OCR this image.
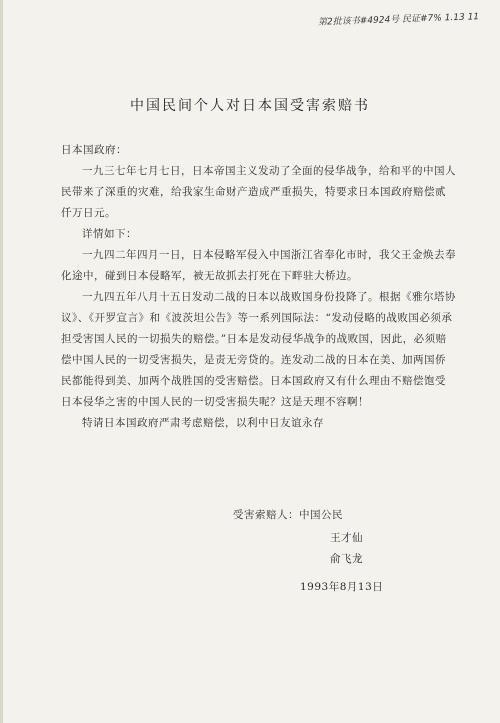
第2批该书#4924号 民证#7% 1.13 11
中国民间个人对日本国受害索赔书

日本国政府：

一九三七年七月七日，日本帝国主义发动了全面的侵华战争，给和平的中国人民带来了深重的灾难，给我家生命财产造成严重损失，特要求日本国政府赔偿贰仟万日元。

详情如下：

一九四二年四月一日，日本侵略军侵入中国浙江省奉化市时，我父王金焕去奉化途中，碰到日本侵略军，被无故抓去打死在下畔驻大桥边。

一九四五年八月十五日发动二战的日本以战败国身份投降了。根据《雅尔塔协议》、《开罗宣言》和《波茨坦公告》等一系列国际法：“发动侵略的战败国必须承担受害国人民的一切损失的赔偿。”日本是发动侵华战争的战败国，因此，必须赔偿中国人民的一切受害损失，是责无旁贷的。连发动二战的日本在美、加两国侨民都能得到美、加两个战胜国的受害赔偿。日本国政府又有什么理由不赔偿饱受日本侵华之害的中国人民的一切受害损失呢？这是天理不容啊！

特请日本国政府严肃考虑赔偿，以利中日友谊永存

受害索赔人：中国公民
王才仙
俞飞龙
1993年8月13日
